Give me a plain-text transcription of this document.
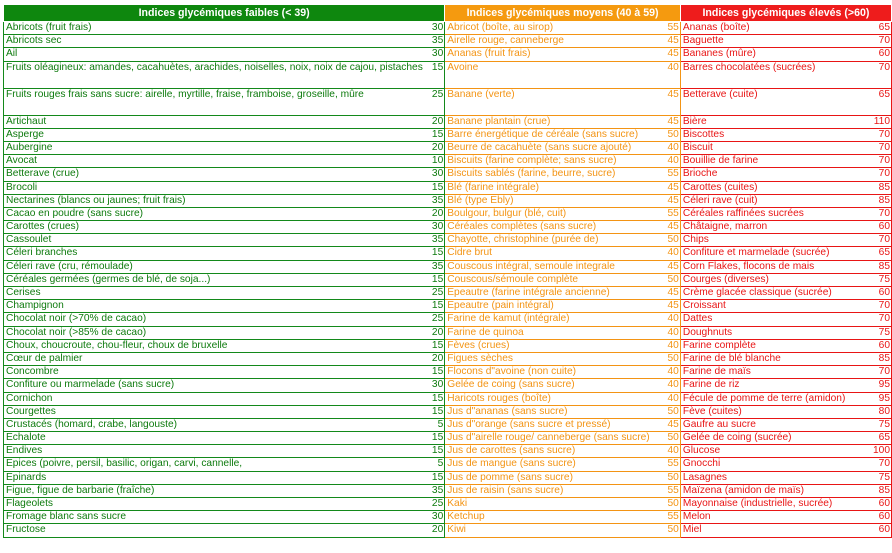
Indices glycémiques faibles (< 39)		Indices glycémiques moyens (40 à 59)		Indices glycémiques élevés (>60)	
Abricots (fruit frais)	30	Abricot (boîte, au sirop)	55	Ananas (boîte)	65
Abricots sec	35	Airelle rouge, canneberge	45	Baguette	70
Ail	30	Ananas (fruit frais)	45	Bananes (mûre)	60
Fruits oléagineux: amandes, cacahuètes, arachides, noiselles, noix, noix de cajou, pistaches	15	Avoine	40	Barres chocolatées (sucrées)	70
Fruits rouges frais sans sucre: airelle, myrtille, fraise, framboise, groseille, mûre	25	Banane (verte)	45	Betterave (cuite)	65
Artichaut	20	Banane plantain (crue)	45	Bière	110
Asperge	15	Barre énergétique de céréale (sans sucre)	50	Biscottes	70
Aubergine	20	Beurre de cacahuète (sans sucre ajouté)	40	Biscuit	70
Avocat	10	Biscuits (farine complète; sans sucre)	40	Bouillie de farine	70
Betterave (crue)	30	Biscuits sablés (farine, beurre, sucre)	55	Brioche	70
Brocoli	15	Blé (farine intégrale)	45	Carottes (cuites)	85
Nectarines (blancs ou jaunes; fruit frais)	35	Blé (type Ebly)	45	Céleri rave (cuit)	85
Cacao en poudre (sans sucre)	20	Boulgour, bulgur (blé, cuit)	55	Céréales raffinées sucrées	70
Carottes (crues)	30	Céréales complètes (sans sucre)	45	Châtaigne, marron	60
Cassoulet	35	Chayotte, christophine (purée de)	50	Chips	70
Céleri branches	15	Cidre brut	40	Confiture et marmelade (sucrée)	65
Céleri rave (cru, rémoulade)	35	Couscous intégral, semoule integrale	45	Corn Flakes, flocons de mais	85
Céréales germées (germes de blé, de soja...)	15	Couscous/sémoule complète	50	Courges (diverses)	75
Cerises	25	Epeautre (farine intégrale ancienne)	45	Crème glacée classique (sucrée)	60
Champignon	15	Epeautre (pain intégral)	45	Croissant	70
Chocolat noir (>70% de cacao)	25	Farine de kamut (intégrale)	40	Dattes	70
Chocolat noir (>85% de cacao)	20	Farine de quinoa	40	Doughnuts	75
Choux, choucroute, chou-fleur, choux de bruxelle	15	Fèves (crues)	40	Farine complète	60
Cœur de palmier	20	Figues sèches	50	Farine de blé blanche	85
Concombre	15	Flocons d"avoine (non cuite)	40	Farine de maïs	70
Confiture ou marmelade (sans sucre)	30	Gelée de coing (sans sucre)	40	Farine de riz	95
Cornichon	15	Haricots rouges (boîte)	40	Fécule de pomme de terre (amidon)	95
Courgettes	15	Jus d"ananas (sans sucre)	50	Fève (cuites)	80
Crustacés (homard, crabe, langouste)	5	Jus d"orange (sans sucre et pressé)	45	Gaufre au sucre	75
Echalote	15	Jus d"airelle rouge/ canneberge (sans sucre)	50	Gelée de coing (sucrée)	65
Endives	15	Jus de carottes (sans sucre)	40	Glucose	100
Epices (poivre, persil, basilic, origan, carvi, cannelle,	5	Jus de mangue (sans sucre)	55	Gnocchi	70
Epinards	15	Jus de pomme (sans sucre)	50	Lasagnes	75
Figue, figue de barbarie (fraîche)	35	Jus de raisin (sans sucre)	55	Maïzena (amidon de maïs)	85
Flageolets	25	Kaki	50	Mayonnaise (industrielle, sucrée)	60
Fromage blanc sans sucre	30	Ketchup	55	Melon	60
Fructose	20	Kiwi	50	Miel	60
